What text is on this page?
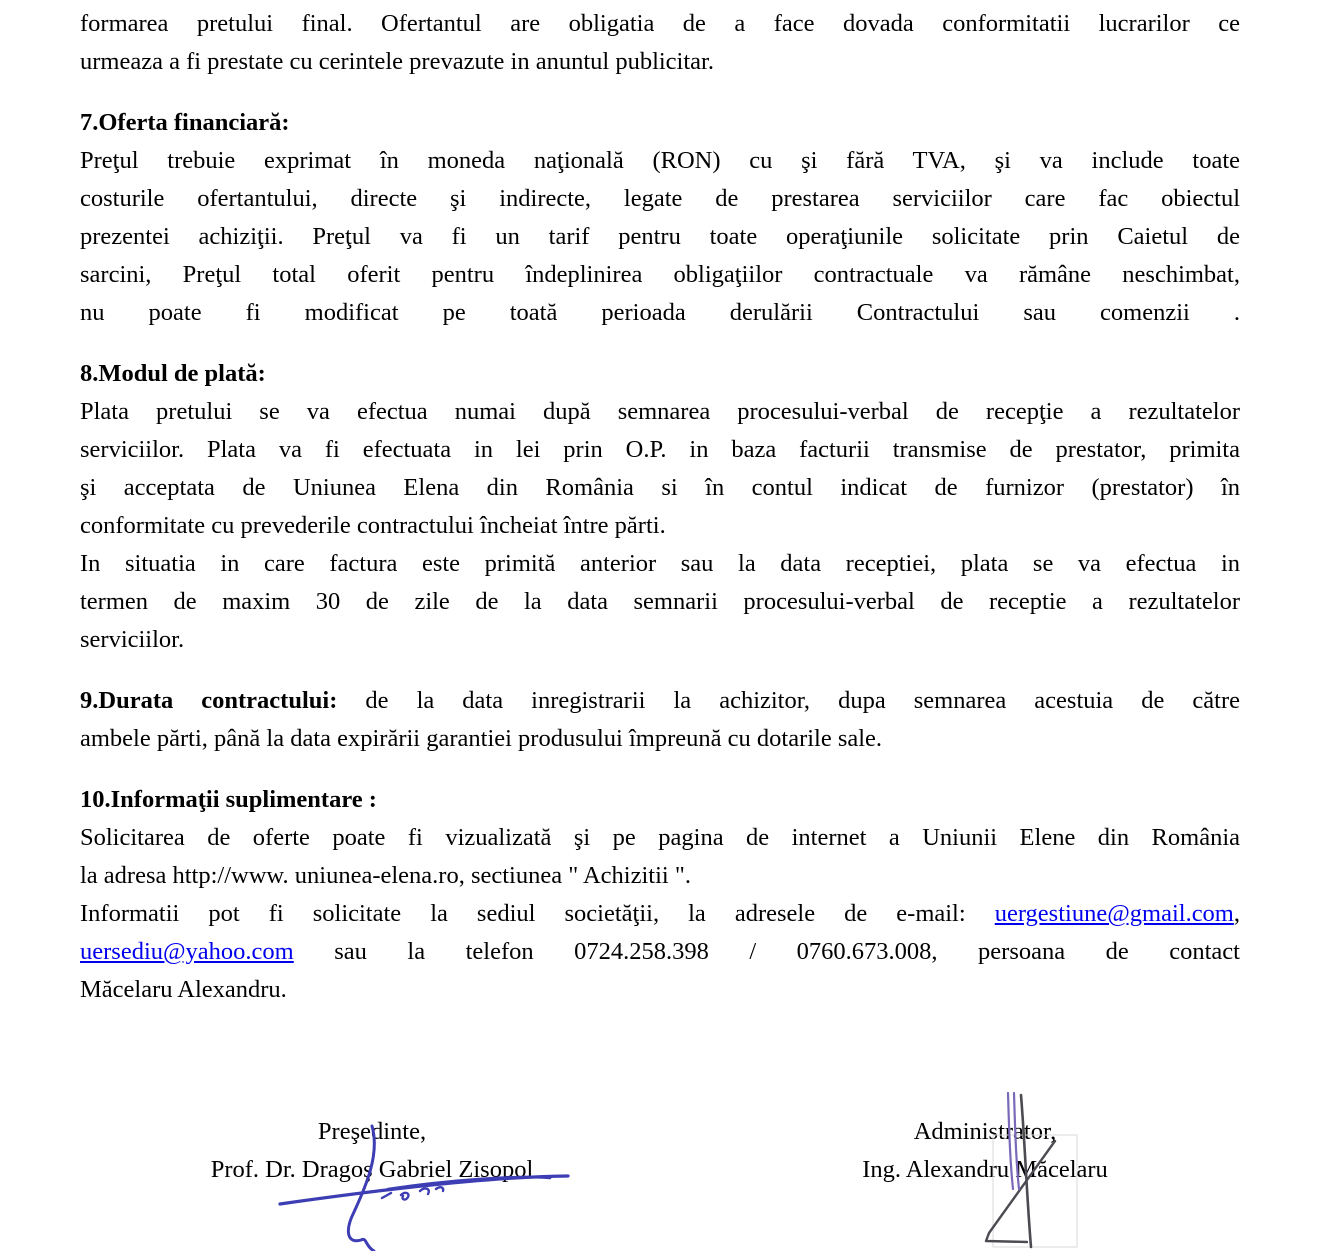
formarea pretului final. Ofertantul are obligatia de a face dovada conformitatii lucrarilor ce
urmeaza a fi prestate cu cerintele prevazute in anuntul publicitar.
7.Oferta financiară:
Preţul trebuie exprimat în moneda naţională (RON) cu şi fără TVA, şi va include toate
costurile ofertantului, directe şi indirecte, legate de prestarea serviciilor care fac obiectul
prezentei achiziţii. Preţul va fi un tarif pentru toate operaţiunile solicitate prin Caietul de
sarcini, Preţul total oferit pentru îndeplinirea obligaţiilor contractuale va rămâne neschimbat,
nu poate fi modificat pe toată perioada derulării Contractului sau comenzii .
8.Modul de plată:
Plata pretului se va efectua numai după semnarea procesului-verbal de recepţie a rezultatelor
serviciilor. Plata va fi efectuata in lei prin O.P. in baza facturii transmise de prestator, primita
şi acceptata de Uniunea Elena din România si în contul indicat de furnizor (prestator) în
conformitate cu prevederile contractului încheiat între părti.
In situatia in care factura este primită anterior sau la data receptiei, plata se va efectua in
termen de maxim 30 de zile de la data semnarii procesului-verbal de receptie a rezultatelor
serviciilor.
9.Durata contractului: de la data inregistrarii la achizitor, dupa semnarea acestuia de către
ambele părti, până la data expirării garantiei produsului împreună cu dotarile sale.
10.Informaţii suplimentare :
Solicitarea de oferte poate fi vizualizată şi pe pagina de internet a Uniunii Elene din România
la adresa http://www. uniunea-elena.ro, sectiunea " Achizitii ".
Informatii pot fi solicitate la sediul societăţii, la adresele de e-mail: uergestiune@gmail.com,
uersediu@yahoo.com sau la telefon 0724.258.398 / 0760.673.008, persoana de contact
Măcelaru Alexandru.
Preşedinte,
Prof. Dr. Dragoş Gabriel Zisopol
Administrator,
Ing. Alexandru Măcelaru
